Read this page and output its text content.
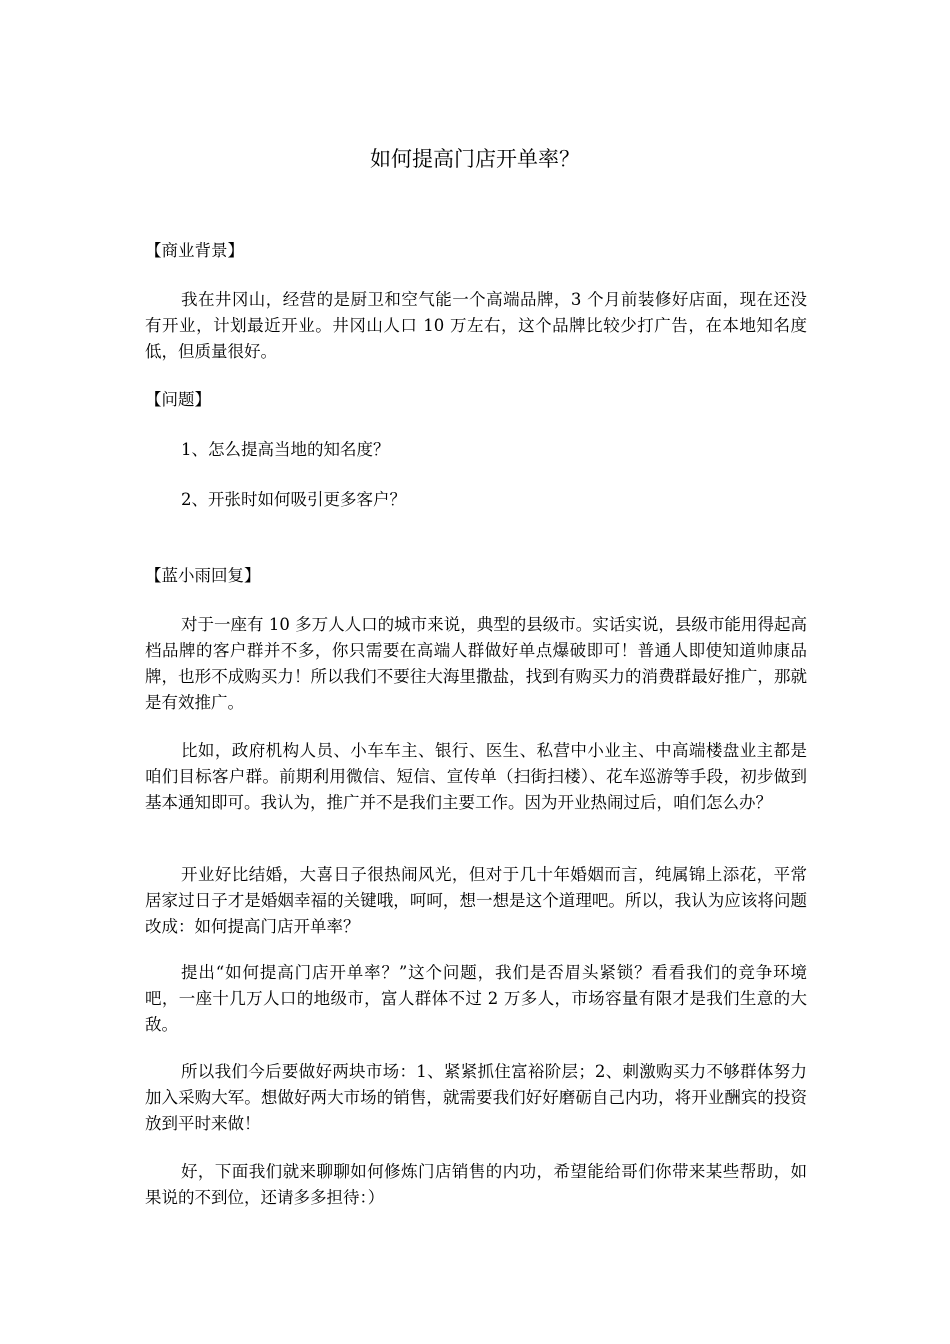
如何提高门店开单率？

【商业背景】

我在井冈山，经营的是厨卫和空气能一个高端品牌，3 个月前装修好店面，现在还没有开业，计划最近开业。井冈山人口 10 万左右，这个品牌比较少打广告，在本地知名度低，但质量很好。

【问题】

1、怎么提高当地的知名度？

2、开张时如何吸引更多客户？

【蓝小雨回复】

对于一座有 10 多万人人口的城市来说，典型的县级市。实话实说，县级市能用得起高档品牌的客户群并不多，你只需要在高端人群做好单点爆破即可！普通人即使知道帅康品牌，也形不成购买力！所以我们不要往大海里撒盐，找到有购买力的消费群最好推广，那就是有效推广。

比如，政府机构人员、小车车主、银行、医生、私营中小业主、中高端楼盘业主都是咱们目标客户群。前期利用微信、短信、宣传单（扫街扫楼）、花车巡游等手段，初步做到基本通知即可。我认为，推广并不是我们主要工作。因为开业热闹过后，咱们怎么办？

开业好比结婚，大喜日子很热闹风光，但对于几十年婚姻而言，纯属锦上添花，平常居家过日子才是婚姻幸福的关键哦，呵呵，想一想是这个道理吧。所以，我认为应该将问题改成：如何提高门店开单率？

提出“如何提高门店开单率？”这个问题，我们是否眉头紧锁？看看我们的竞争环境吧，一座十几万人口的地级市，富人群体不过 2 万多人，市场容量有限才是我们生意的大敌。

所以我们今后要做好两块市场：1、紧紧抓住富裕阶层；2、刺激购买力不够群体努力加入采购大军。想做好两大市场的销售，就需要我们好好磨砺自己内功，将开业酬宾的投资放到平时来做！

好，下面我们就来聊聊如何修炼门店销售的内功，希望能给哥们你带来某些帮助，如果说的不到位，还请多多担待：）
